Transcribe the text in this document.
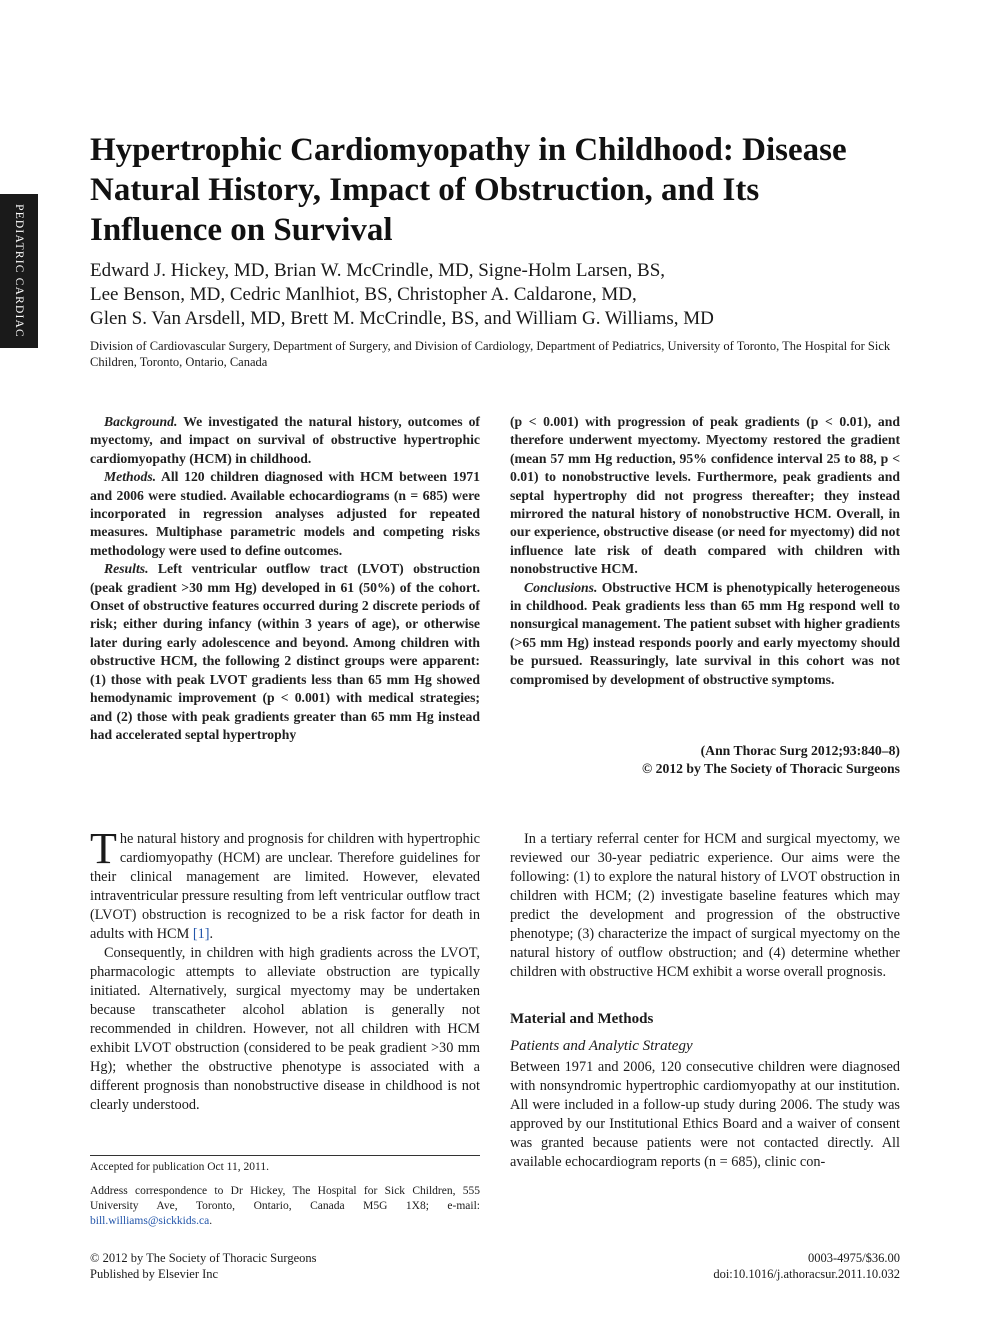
PEDIATRIC CARDIAC
Hypertrophic Cardiomyopathy in Childhood: Disease Natural History, Impact of Obstruction, and Its Influence on Survival
Edward J. Hickey, MD, Brian W. McCrindle, MD, Signe-Holm Larsen, BS,
Lee Benson, MD, Cedric Manlhiot, BS, Christopher A. Caldarone, MD,
Glen S. Van Arsdell, MD, Brett M. McCrindle, BS, and William G. Williams, MD
Division of Cardiovascular Surgery, Department of Surgery, and Division of Cardiology, Department of Pediatrics, University of Toronto, The Hospital for Sick Children, Toronto, Ontario, Canada

Background. We investigated the natural history, outcomes of myectomy, and impact on survival of obstructive hypertrophic cardiomyopathy (HCM) in childhood.

Methods. All 120 children diagnosed with HCM between 1971 and 2006 were studied. Available echocardiograms (n = 685) were incorporated in regression analyses adjusted for repeated measures. Multiphase parametric models and competing risks methodology were used to define outcomes.

Results. Left ventricular outflow tract (LVOT) obstruction (peak gradient >30 mm Hg) developed in 61 (50%) of the cohort. Onset of obstructive features occurred during 2 discrete periods of risk; either during infancy (within 3 years of age), or otherwise later during early adolescence and beyond. Among children with obstructive HCM, the following 2 distinct groups were apparent: (1) those with peak LVOT gradients less than 65 mm Hg showed hemodynamic improvement (p < 0.001) with medical strategies; and (2) those with peak gradients greater than 65 mm Hg instead had accelerated septal hypertrophy

(p < 0.001) with progression of peak gradients (p < 0.01), and therefore underwent myectomy. Myectomy restored the gradient (mean 57 mm Hg reduction, 95% confidence interval 25 to 88, p < 0.01) to nonobstructive levels. Furthermore, peak gradients and septal hypertrophy did not progress thereafter; they instead mirrored the natural history of nonobstructive HCM. Overall, in our experience, obstructive disease (or need for myectomy) did not influence late risk of death compared with children with nonobstructive HCM.

Conclusions. Obstructive HCM is phenotypically heterogeneous in childhood. Peak gradients less than 65 mm Hg respond well to nonsurgical management. The patient subset with higher gradients (>65 mm Hg) instead responds poorly and early myectomy should be pursued. Reassuringly, late survival in this cohort was not compromised by development of obstructive symptoms.

(Ann Thorac Surg 2012;93:840–8)
© 2012 by The Society of Thoracic Surgeons

The natural history and prognosis for children with hypertrophic cardiomyopathy (HCM) are unclear. Therefore guidelines for their clinical management are limited. However, elevated intraventricular pressure resulting from left ventricular outflow tract (LVOT) obstruction is recognized to be a risk factor for death in adults with HCM [1].

Consequently, in children with high gradients across the LVOT, pharmacologic attempts to alleviate obstruction are typically initiated. Alternatively, surgical myectomy may be undertaken because transcatheter alcohol ablation is generally not recommended in children. However, not all children with HCM exhibit LVOT obstruction (considered to be peak gradient >30 mm Hg); whether the obstructive phenotype is associated with a different prognosis than nonobstructive disease in childhood is not clearly understood.

In a tertiary referral center for HCM and surgical myectomy, we reviewed our 30-year pediatric experience. Our aims were the following: (1) to explore the natural history of LVOT obstruction in children with HCM; (2) investigate baseline features which may predict the development and progression of the obstructive phenotype; (3) characterize the impact of surgical myectomy on the natural history of outflow obstruction; and (4) determine whether children with obstructive HCM exhibit a worse overall prognosis.

Material and Methods
Patients and Analytic Strategy

Between 1971 and 2006, 120 consecutive children were diagnosed with nonsyndromic hypertrophic cardiomyopathy at our institution. All were included in a follow-up study during 2006. The study was approved by our Institutional Ethics Board and a waiver of consent was granted because patients were not contacted directly. All available echocardiogram reports (n = 685), clinic con-

Accepted for publication Oct 11, 2011.

Address correspondence to Dr Hickey, The Hospital for Sick Children, 555 University Ave, Toronto, Ontario, Canada M5G 1X8; e-mail: bill.williams@sickkids.ca.

© 2012 by The Society of Thoracic Surgeons
Published by Elsevier Inc
0003-4975/$36.00
doi:10.1016/j.athoracsur.2011.10.032
